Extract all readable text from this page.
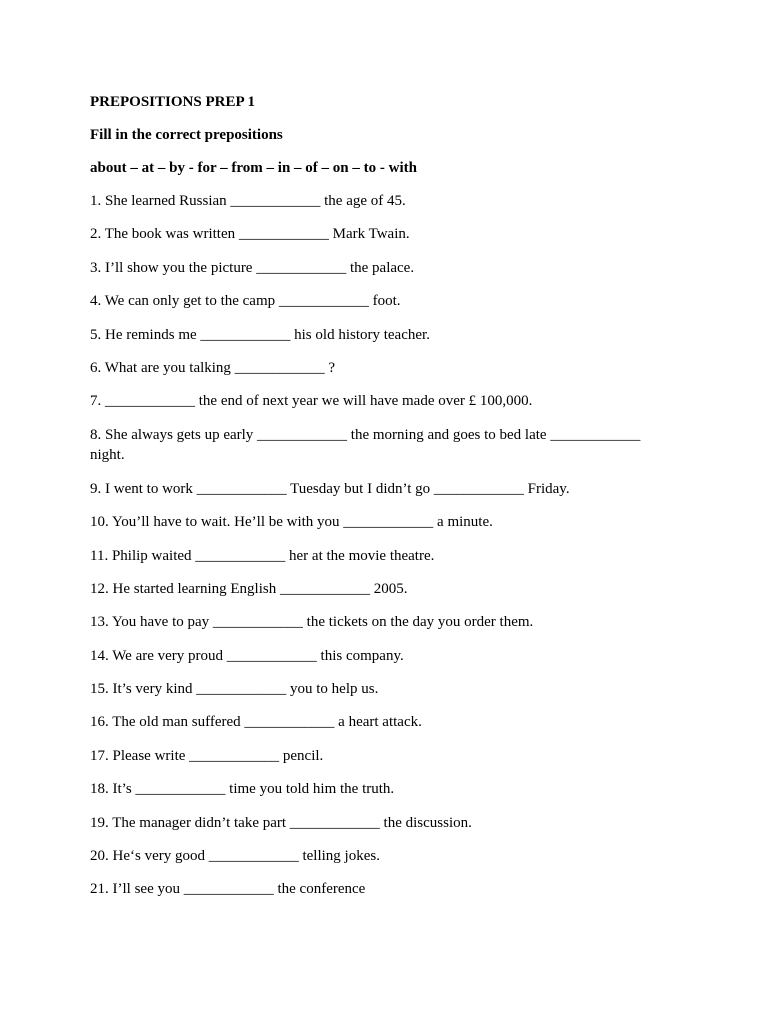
PREPOSITIONS PREP 1

Fill in the correct prepositions

about – at – by - for – from – in – of – on – to - with

1. She learned Russian ____________ the age of 45.

2. The book was written ____________ Mark Twain.

3. I’ll show you the picture ____________ the palace.

4. We can only get to the camp ____________ foot.

5. He reminds me ____________ his old history teacher.

6. What are you talking ____________ ?

7. ____________ the end of next year we will have made over £ 100,000.

8. She always gets up early ____________ the morning and goes to bed late ____________ night.

9. I went to work ____________ Tuesday but I didn’t go ____________ Friday.

10. You’ll have to wait. He’ll be with you ____________ a minute.

11. Philip waited ____________ her at the movie theatre.

12. He started learning English ____________ 2005.

13. You have to pay ____________ the tickets on the day you order them.

14. We are very proud ____________ this company.

15. It’s very kind ____________ you to help us.

16. The old man suffered ____________ a heart attack.

17. Please write ____________ pencil.

18. It’s ____________ time you told him the truth.

19. The manager didn’t take part ____________ the discussion.

20. He‘s very good ____________ telling jokes.

21. I’ll see you ____________ the conference
